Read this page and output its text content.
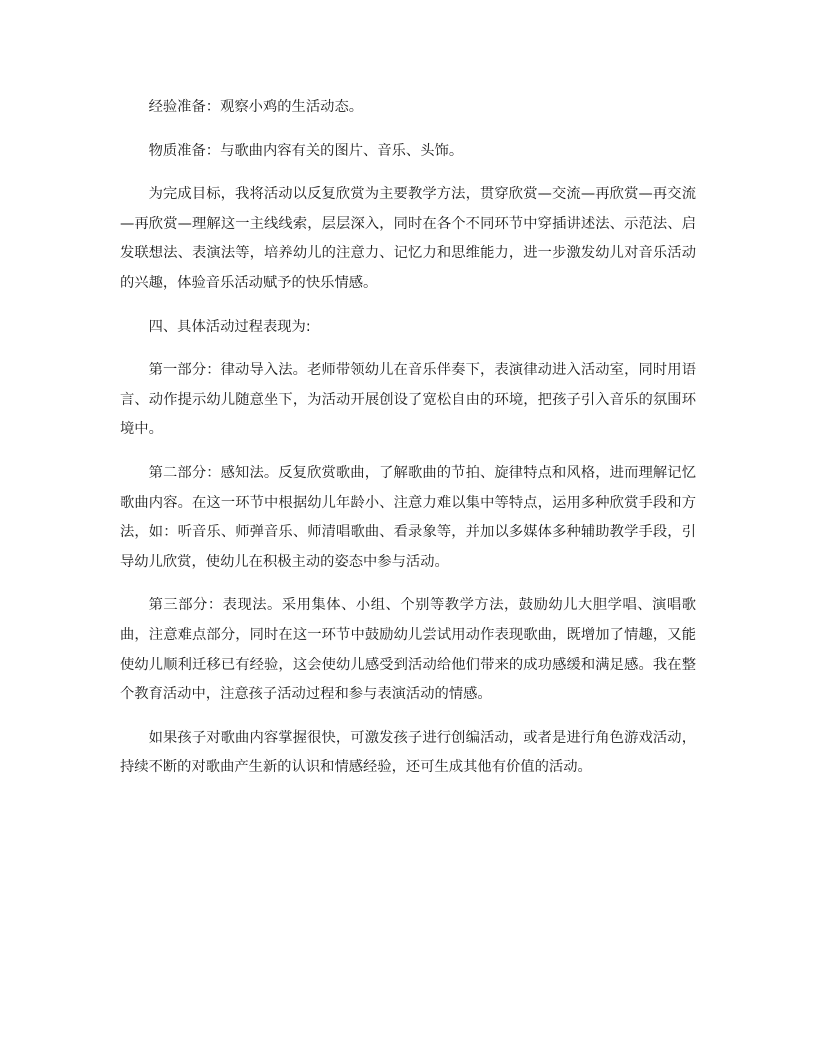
经验准备：观察小鸡的生活动态。

物质准备：与歌曲内容有关的图片、音乐、头饰。

为完成目标，我将活动以反复欣赏为主要教学方法，贯穿欣赏—交流—再欣赏—再交流—再欣赏—理解这一主线线索，层层深入，同时在各个不同环节中穿插讲述法、示范法、启发联想法、表演法等，培养幼儿的注意力、记忆力和思维能力，进一步激发幼儿对音乐活动的兴趣，体验音乐活动赋予的快乐情感。

四、具体活动过程表现为:

第一部分：律动导入法。老师带领幼儿在音乐伴奏下，表演律动进入活动室，同时用语言、动作提示幼儿随意坐下，为活动开展创设了宽松自由的环境，把孩子引入音乐的氛围环境中。

第二部分：感知法。反复欣赏歌曲，了解歌曲的节拍、旋律特点和风格，进而理解记忆歌曲内容。在这一环节中根据幼儿年龄小、注意力难以集中等特点，运用多种欣赏手段和方法，如：听音乐、师弹音乐、师清唱歌曲、看录象等，并加以多媒体多种辅助教学手段，引导幼儿欣赏，使幼儿在积极主动的姿态中参与活动。

第三部分：表现法。采用集体、小组、个别等教学方法，鼓励幼儿大胆学唱、演唱歌曲，注意难点部分，同时在这一环节中鼓励幼儿尝试用动作表现歌曲，既增加了情趣，又能使幼儿顺利迁移已有经验，这会使幼儿感受到活动给他们带来的成功感缓和满足感。我在整个教育活动中，注意孩子活动过程和参与表演活动的情感。

如果孩子对歌曲内容掌握很快，可激发孩子进行创编活动，或者是进行角色游戏活动，持续不断的对歌曲产生新的认识和情感经验，还可生成其他有价值的活动。
